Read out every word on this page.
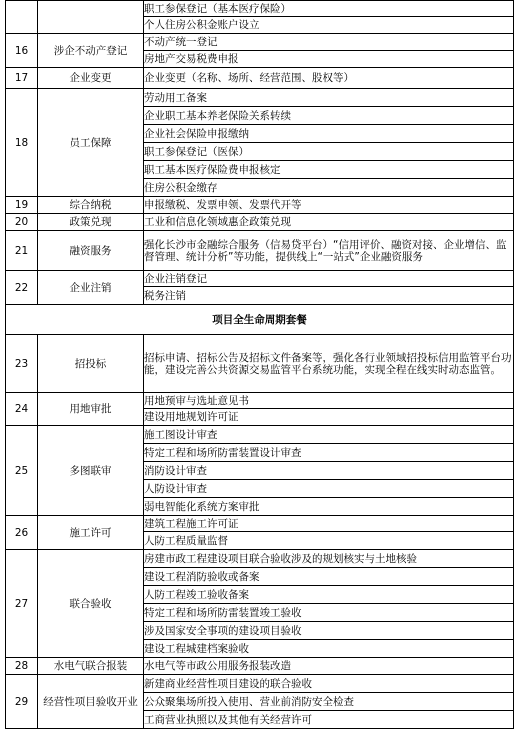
		职工参保登记（基本医疗保险）
		个人住房公积金账户设立
16	涉企不动产登记	不动产统一登记
		房地产交易税费申报
17	企业变更	企业变更（名称、场所、经营范围、股权等）
18	员工保障	劳动用工备案
		企业职工基本养老保险关系转续
		企业社会保险申报缴纳
		职工参保登记（医保）
		职工基本医疗保险费申报核定
		住房公积金缴存
19	综合纳税	申报缴税、发票申领、发票代开等
20	政策兑现	工业和信息化领域惠企政策兑现
21	融资服务	强化长沙市金融综合服务（信易贷平台）“信用评价、融资对接、企业增信、监督管理、统计分析”等功能，提供线上“一站式”企业融资服务
22	企业注销	企业注销登记
		税务注销
项目全生命周期套餐		
23	招投标	招标申请、招标公告及招标文件备案等，强化各行业领域招投标信用监管平台功能，建设完善公共资源交易监管平台系统功能，实现全程在线实时动态监管。
24	用地审批	用地预审与选址意见书
		建设用地规划许可证
25	多图联审	施工图设计审查
		特定工程和场所防雷装置设计审查
		消防设计审查
		人防设计审查
		弱电智能化系统方案审批
26	施工许可	建筑工程施工许可证
		人防工程质量监督
27	联合验收	房建市政工程建设项目联合验收涉及的规划核实与土地核验
		建设工程消防验收或备案
		人防工程竣工验收备案
		特定工程和场所防雷装置竣工验收
		涉及国家安全事项的建设项目验收
		建设工程城建档案验收
28	水电气联合报装	水电气等市政公用服务报装改造
29	经营性项目验收开业	新建商业经营性项目建设的联合验收
		公众聚集场所投入使用、营业前消防安全检查
		工商营业执照以及其他有关经营许可
